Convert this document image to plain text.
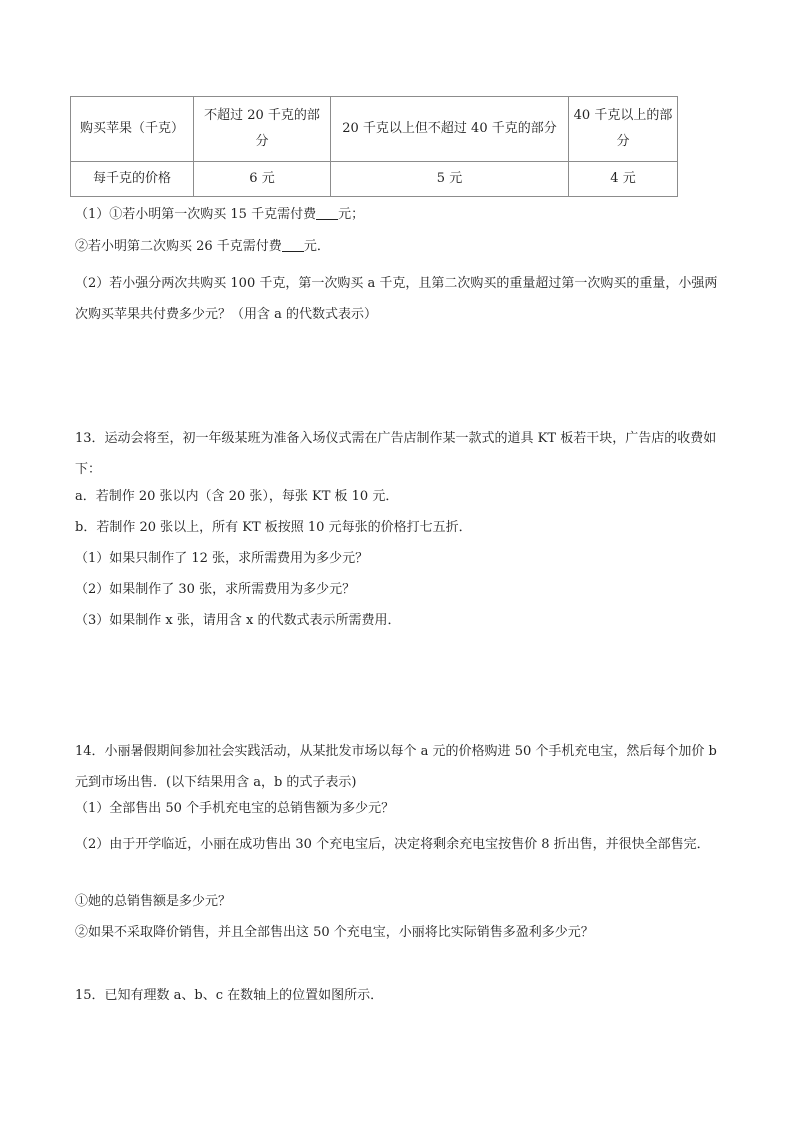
购买苹果（千克）	不超过 20 千克的部分	20 千克以上但不超过 40 千克的部分	40 千克以上的部分
每千克的价格	6 元	5 元	4 元
（1）①若小明第一次购买 15 千克需付费 元；
②若小明第二次购买 26 千克需付费 元．
（2）若小强分两次共购买 100 千克，第一次购买 a 千克，且第二次购买的重量超过第一次购买的重量，小强两次购买苹果共付费多少元？（用含 a 的代数式表示）
13．运动会将至，初一年级某班为准备入场仪式需在广告店制作某一款式的道具 KT 板若干块，广告店的收费如下：
a．若制作 20 张以内（含 20 张），每张 KT 板 10 元．
b．若制作 20 张以上，所有 KT 板按照 10 元每张的价格打七五折．
（1）如果只制作了 12 张，求所需费用为多少元？
（2）如果制作了 30 张，求所需费用为多少元？
（3）如果制作 x 张，请用含 x 的代数式表示所需费用．
14．小丽暑假期间参加社会实践活动，从某批发市场以每个 a 元的价格购进 50 个手机充电宝，然后每个加价 b 元到市场出售．(以下结果用含 a，b 的式子表示)
（1）全部售出 50 个手机充电宝的总销售额为多少元？
（2）由于开学临近，小丽在成功售出 30 个充电宝后，决定将剩余充电宝按售价 8 折出售，并很快全部售完．
①她的总销售额是多少元？
②如果不采取降价销售，并且全部售出这 50 个充电宝，小丽将比实际销售多盈利多少元？
15．已知有理数 a、b、c 在数轴上的位置如图所示．
